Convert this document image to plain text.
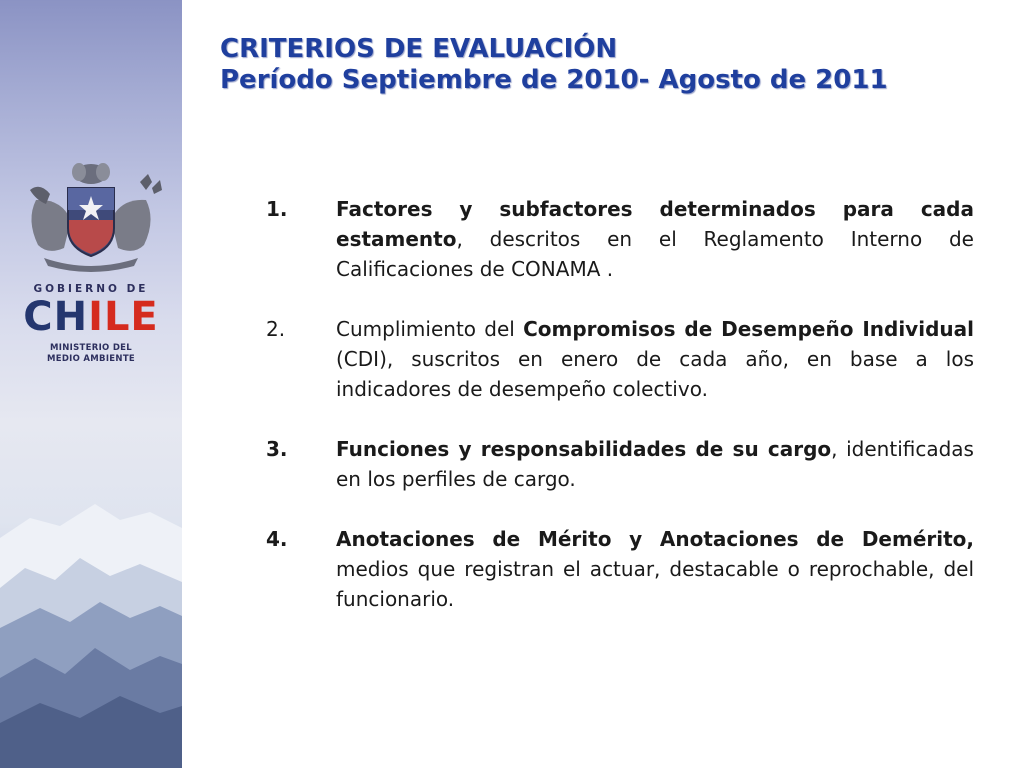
GOBIERNO DE
CHILE
MINISTERIO DEL
MEDIO AMBIENTE
CRITERIOS DE EVALUACIÓN
Período Septiembre de 2010- Agosto de 2011
1.	Factores y subfactores determinados para cada estamento, descritos en el Reglamento Interno de Calificaciones de CONAMA .
2.	Cumplimiento del Compromisos de Desempeño Individual (CDI), suscritos en enero de cada año, en base a los indicadores de desempeño colectivo.
3.	Funciones y responsabilidades de su cargo, identificadas en los perfiles de cargo.
4.	Anotaciones de Mérito y Anotaciones de Demérito, medios que registran el actuar, destacable o reprochable, del funcionario.
